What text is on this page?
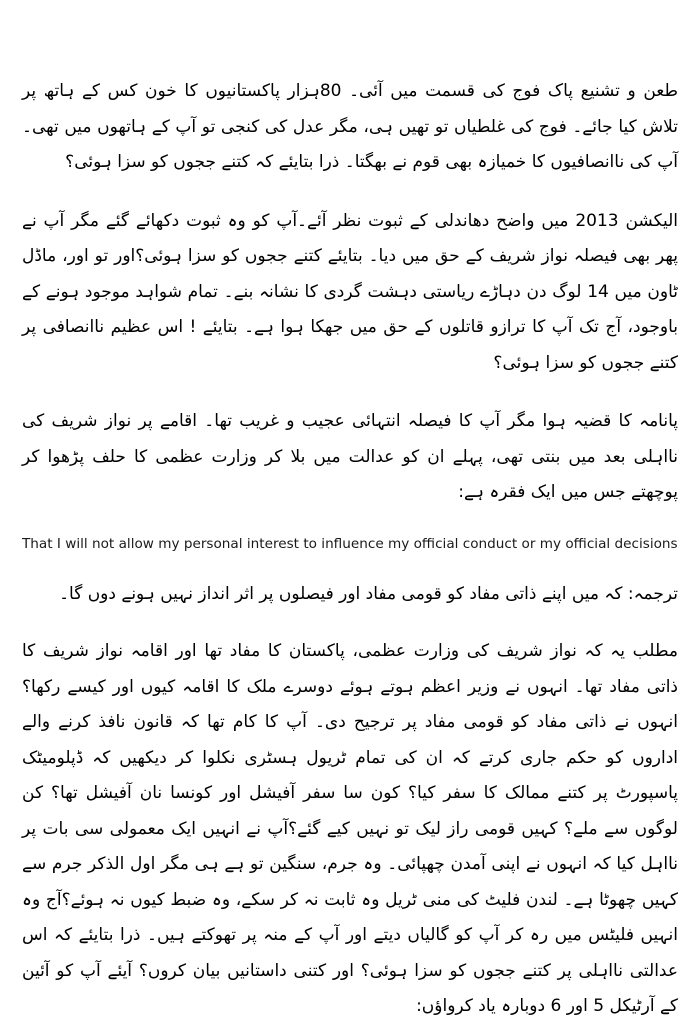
طعن و تشنیع پاک فوج کی قسمت میں آئی۔ 80ہزار پاکستانیوں کا خون کس کے ہاتھ پر تلاش کیا جائے۔ فوج کی غلطیاں تو تھیں ہی، مگر عدل کی کنجی تو آپ کے ہاتھوں میں تھی۔آپ کی ناانصافیوں کا خمیازہ بھی قوم نے بھگتا۔ ذرا بتایئے کہ کتنے ججوں کو سزا ہوئی؟

الیکشن 2013 میں واضح دھاندلی کے ثبوت نظر آئے۔آپ کو وہ ثبوت دکھائے گئے مگر آپ نے پھر بھی فیصلہ نواز شریف کے حق میں دیا۔ بتایئے کتنے ججوں کو سزا ہوئی؟اور تو اور، ماڈل ٹاون میں 14 لوگ دن دہاڑے ریاستی دہشت گردی کا نشانہ بنے۔ تمام شواہد موجود ہونے کے باوجود، آج تک آپ کا ترازو قاتلوں کے حق میں جھکا ہوا ہے۔ بتایئے ! اس عظیم ناانصافی پر کتنے ججوں کو سزا ہوئی؟

پانامہ کا قضیہ ہوا مگر آپ کا فیصلہ انتہائی عجیب و غریب تھا۔ اقامے پر نواز شریف کی نااہلی بعد میں بنتی تھی، پہلے ان کو عدالت میں بلا کر وزارت عظمی کا حلف پڑھوا کر پوچھتے جس میں ایک فقرہ ہے:

That I will not allow my personal interest to influence my official conduct or my official decisions

ترجمہ: کہ میں اپنے ذاتی مفاد کو قومی مفاد اور فیصلوں پر اثر انداز نہیں ہونے دوں گا۔

مطلب یہ کہ نواز شریف کی وزارت عظمی، پاکستان کا مفاد تھا اور اقامہ نواز شریف کا ذاتی مفاد تھا۔ انہوں نے وزیر اعظم ہوتے ہوئے دوسرے ملک کا اقامہ کیوں اور کیسے رکھا؟انہوں نے ذاتی مفاد کو قومی مفاد پر ترجیح دی۔ آپ کا کام تھا کہ قانون نافذ کرنے والے اداروں کو حکم جاری کرتے کہ ان کی تمام ٹریول ہسٹری نکلوا کر دیکھیں کہ ڈپلومیٹک پاسپورٹ پر کتنے ممالک کا سفر کیا؟ کون سا سفر آفیشل اور کونسا نان آفیشل تھا؟ کن لوگوں سے ملے؟ کہیں قومی راز لیک تو نہیں کیے گئے؟آپ نے انہیں ایک معمولی سی بات پر نااہل کیا کہ انہوں نے اپنی آمدن چھپائی۔ وہ جرم، سنگین تو ہے ہی مگر اول الذکر جرم سے کہیں چھوٹا ہے۔ لندن فلیٹ کی منی ٹریل وہ ثابت نہ کر سکے، وہ ضبط کیوں نہ ہوئے؟آج وہ انہیں فلیٹس میں رہ کر آپ کو گالیاں دیتے اور آپ کے منہ پر تھوکتے ہیں۔ ذرا بتایئے کہ اس عدالتی نااہلی پر کتنے ججوں کو سزا ہوئی؟ اور کتنی داستانیں بیان کروں؟ آیئے آپ کو آئین کے آرٹیکل 5 اور 6 دوبارہ یاد کرواؤں:
